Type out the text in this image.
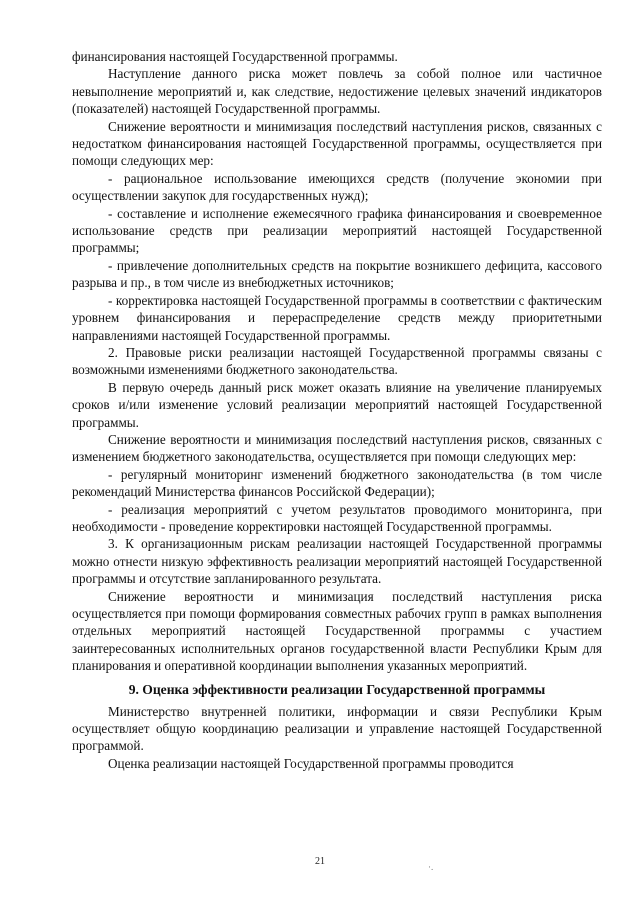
финансирования настоящей Государственной программы.

Наступление данного риска может повлечь за собой полное или частичное невыполнение мероприятий и, как следствие, недостижение целевых значений индикаторов (показателей) настоящей Государственной программы.

Снижение вероятности и минимизация последствий наступления рисков, связанных с недостатком финансирования настоящей Государственной программы, осуществляется при помощи следующих мер:

- рациональное использование имеющихся средств (получение экономии при осуществлении закупок для государственных нужд);

- составление и исполнение ежемесячного графика финансирования и своевременное использование средств при реализации мероприятий настоящей Государственной программы;

- привлечение дополнительных средств на покрытие возникшего дефицита, кассового разрыва и пр., в том числе из внебюджетных источников;

- корректировка настоящей Государственной программы в соответствии с фактическим уровнем финансирования и перераспределение средств между приоритетными направлениями настоящей Государственной программы.

2. Правовые риски реализации настоящей Государственной программы связаны с возможными изменениями бюджетного законодательства.

В первую очередь данный риск может оказать влияние на увеличение планируемых сроков и/или изменение условий реализации мероприятий настоящей Государственной программы.

Снижение вероятности и минимизация последствий наступления рисков, связанных с изменением бюджетного законодательства, осуществляется при помощи следующих мер:

- регулярный мониторинг изменений бюджетного законодательства (в том числе рекомендаций Министерства финансов Российской Федерации);

- реализация мероприятий с учетом результатов проводимого мониторинга, при необходимости - проведение корректировки настоящей Государственной программы.

3. К организационным рискам реализации настоящей Государственной программы можно отнести низкую эффективность реализации мероприятий настоящей Государственной программы и отсутствие запланированного результата.

Снижение вероятности и минимизация последствий наступления риска осуществляется при помощи формирования совместных рабочих групп в рамках выполнения отдельных мероприятий настоящей Государственной программы с участием заинтересованных исполнительных органов государственной власти Республики Крым для планирования и оперативной координации выполнения указанных мероприятий.

9. Оценка эффективности реализации Государственной программы

Министерство внутренней политики, информации и связи Республики Крым осуществляет общую координацию реализации и управление настоящей Государственной программой.

Оценка реализации настоящей Государственной программы проводится

21	·.
